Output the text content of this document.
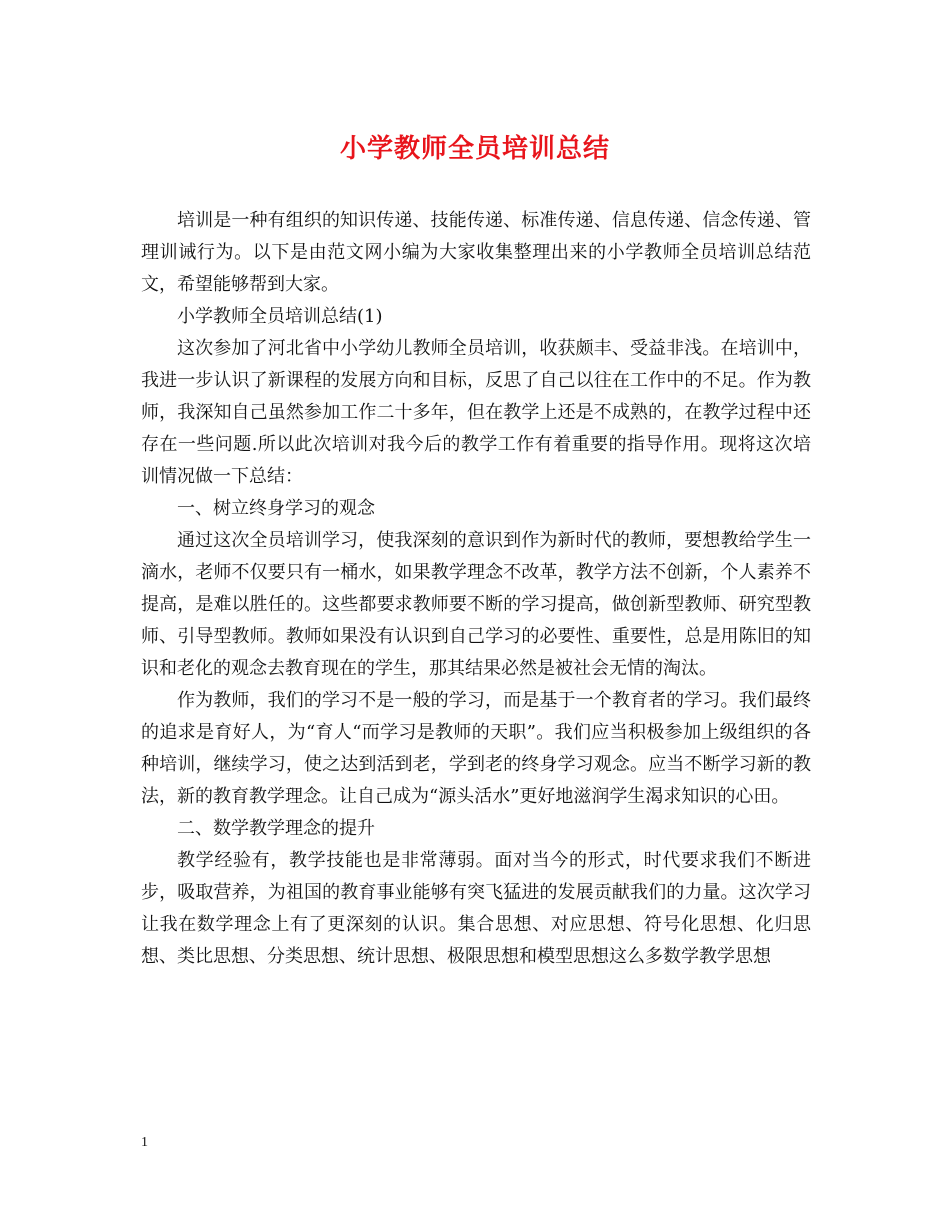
小学教师全员培训总结

培训是一种有组织的知识传递、技能传递、标准传递、信息传递、信念传递、管理训诫行为。以下是由范文网小编为大家收集整理出来的小学教师全员培训总结范文，希望能够帮到大家。

小学教师全员培训总结(1)

这次参加了河北省中小学幼儿教师全员培训，收获颇丰、受益非浅。在培训中，我进一步认识了新课程的发展方向和目标，反思了自己以往在工作中的不足。作为教师，我深知自己虽然参加工作二十多年，但在教学上还是不成熟的，在教学过程中还存在一些问题.所以此次培训对我今后的教学工作有着重要的指导作用。现将这次培训情况做一下总结：

一、树立终身学习的观念

通过这次全员培训学习，使我深刻的意识到作为新时代的教师，要想教给学生一滴水，老师不仅要只有一桶水，如果教学理念不改革，教学方法不创新，个人素养不提高，是难以胜任的。这些都要求教师要不断的学习提高，做创新型教师、研究型教师、引导型教师。教师如果没有认识到自己学习的必要性、重要性，总是用陈旧的知识和老化的观念去教育现在的学生，那其结果必然是被社会无情的淘汰。

作为教师，我们的学习不是一般的学习，而是基于一个教育者的学习。我们最终的追求是育好人，为“育人“而学习是教师的天职”。我们应当积极参加上级组织的各种培训，继续学习，使之达到活到老，学到老的终身学习观念。应当不断学习新的教法，新的教育教学理念。让自己成为“源头活水”更好地滋润学生渴求知识的心田。

二、数学教学理念的提升

教学经验有，教学技能也是非常薄弱。面对当今的形式，时代要求我们不断进步，吸取营养，为祖国的教育事业能够有突飞猛进的发展贡献我们的力量。这次学习让我在数学理念上有了更深刻的认识。集合思想、对应思想、符号化思想、化归思想、类比思想、分类思想、统计思想、极限思想和模型思想这么多数学教学思想

1
